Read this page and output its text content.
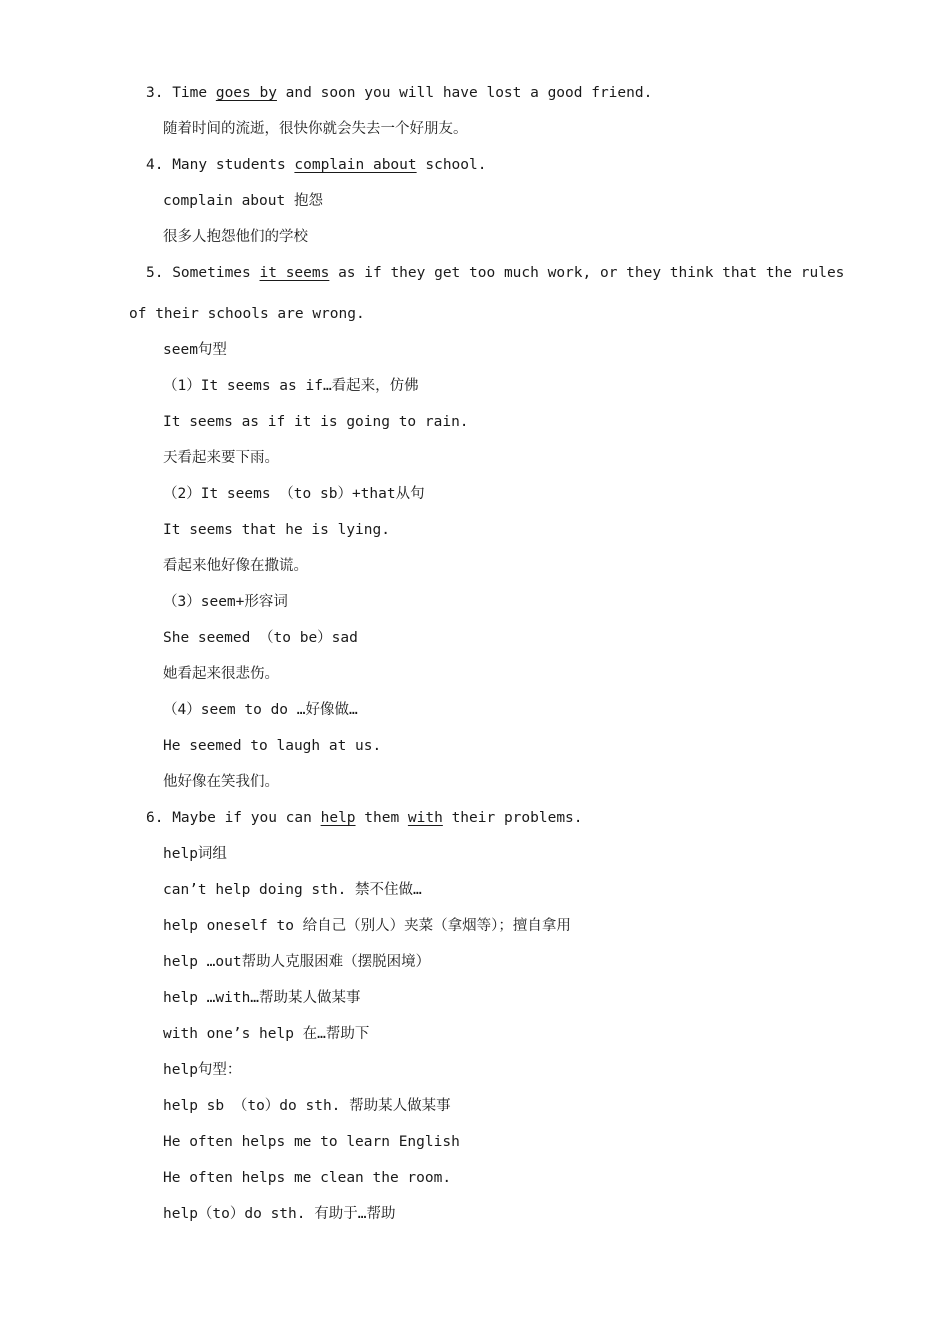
3. Time goes by and soon you will have lost a good friend.
随着时间的流逝，很快你就会失去一个好朋友。
4. Many students complain about school.
complain about 抱怨
很多人抱怨他们的学校
5. Sometimes it seems as if they get too much work, or they think that the rules
of their schools are wrong.
seem句型
（1）It seems as if…看起来，仿佛
It seems as if it is going to rain.
天看起来要下雨。
（2）It seems （to sb）+that从句
It seems that he is lying.
看起来他好像在撒谎。
（3）seem+形容词
She seemed （to be）sad
她看起来很悲伤。
（4）seem to do …好像做…
He seemed to laugh at us.
他好像在笑我们。
6. Maybe if you can help them with their problems.
help词组
can’t help doing sth. 禁不住做…
help oneself to 给自己（别人）夹菜（拿烟等）；擅自拿用
help …out帮助人克服困难（摆脱困境）
help …with…帮助某人做某事
with one’s help 在…帮助下
help句型：
help sb （to）do sth. 帮助某人做某事
He often helps me to learn English
He often helps me clean the room.
help（to）do sth. 有助于…帮助
